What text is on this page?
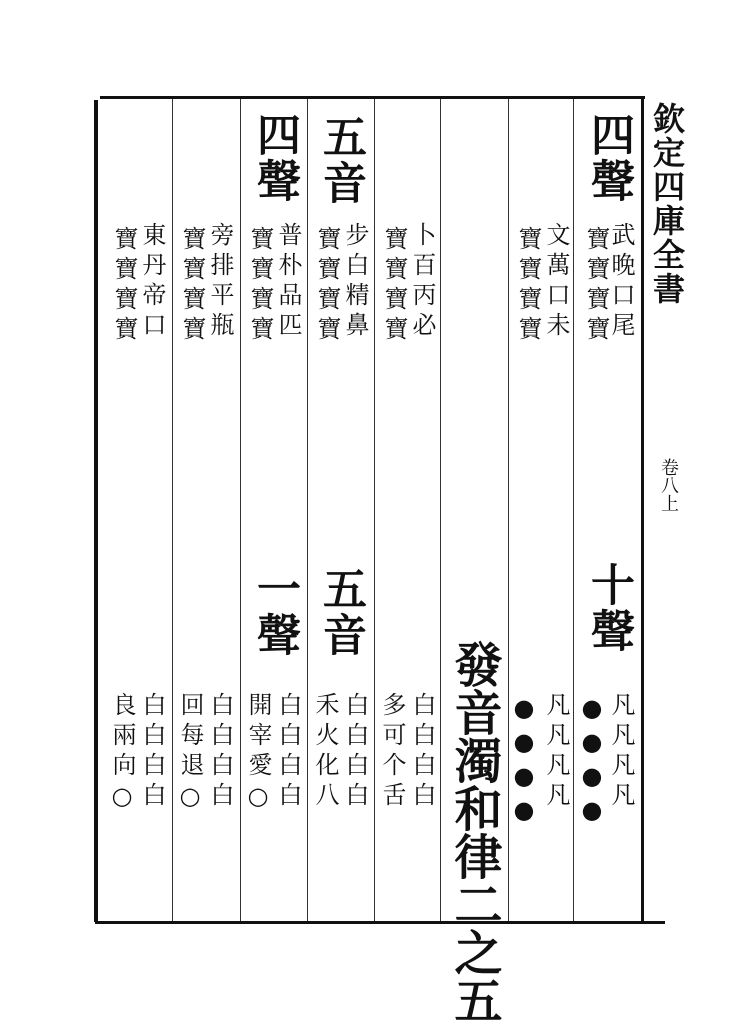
欽定四庫全書
卷八上
四聲
武晚口尾
寶寶寶寶
文萬口未
寶寶寶寶
卜百丙必
寶寶寶寶
五音
步白精鼻
寶寶寶寶
四聲
普朴品匹
寶寶寶寶
旁排平瓶
寶寶寶寶
東丹帝口
寶寶寶寶
發音濁和律二之五
十聲
凡凡凡凡
●●●●
凡凡凡凡
●●●●
白白白白
多可个舌
五音
白白白白
禾火化八
一聲
白白白白
開宰愛○
白白白白
回每退○
白白白白
良兩向○
